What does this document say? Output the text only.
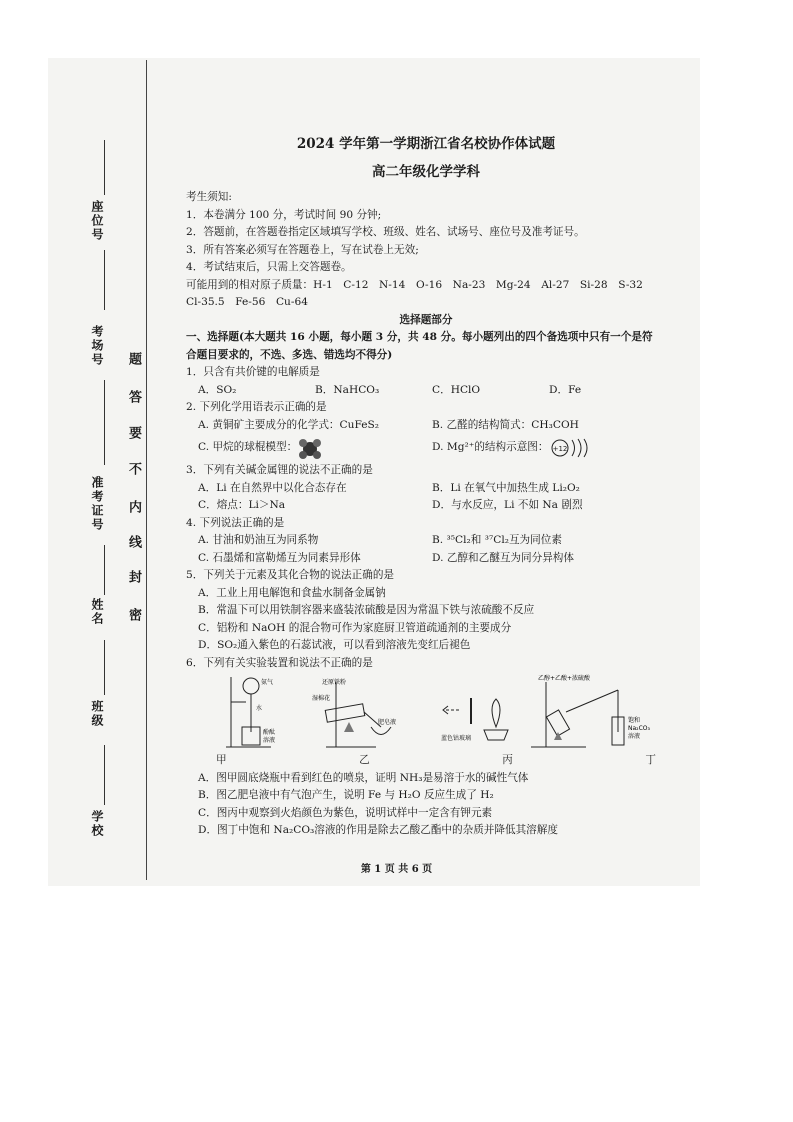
座位号
考场号
准考证号
姓名
班级
学校
题
答
要
不
内
线
封
密

2024 学年第一学期浙江省名校协作体试题

高二年级化学学科

考生须知:
1．本卷满分 100 分，考试时间 90 分钟;
2．答题前，在答题卷指定区域填写学校、班级、姓名、试场号、座位号及准考证号。
3．所有答案必须写在答题卷上，写在试卷上无效;
4．考试结束后，只需上交答题卷。
可能用到的相对原子质量：H-1　C-12　N-14　O-16　Na-23　Mg-24　Al-27　Si-28　S-32
Cl-35.5　Fe-56　Cu-64
选择题部分
一、选择题(本大题共 16 小题，每小题 3 分，共 48 分。每小题列出的四个备选项中只有一个是符
合题目要求的，不选、多选、错选均不得分)
1．只含有共价键的电解质是
A．SO₂	B．NaHCO₃	C．HClO	D．Fe
2. 下列化学用语表示正确的是
A. 黄铜矿主要成分的化学式：CuFeS₂	B. 乙醛的结构简式：CH₃COH
C. 甲烷的球棍模型：	D. Mg²⁺的结构示意图： +12
3．下列有关碱金属锂的说法不正确的是
A．Li 在自然界中以化合态存在	B．Li 在氧气中加热生成 Li₂O₂
C．熔点：Li＞Na	D．与水反应，Li 不如 Na 剧烈
4. 下列说法正确的是
A. 甘油和奶油互为同系物	B. ³⁵Cl₂和 ³⁷Cl₂互为同位素
C. 石墨烯和富勒烯互为同素异形体	D. 乙醇和乙醚互为同分异构体
5．下列关于元素及其化合物的说法正确的是
A．工业上用电解饱和食盐水制备金属钠
B．常温下可以用铁制容器来盛装浓硫酸是因为常温下铁与浓硫酸不反应
C．铝粉和 NaOH 的混合物可作为家庭厨卫管道疏通剂的主要成分
D．SO₂通入紫色的石蕊试液，可以看到溶液先变红后褪色
6．下列有关实验装置和说法不正确的是
氨气
水
酚酞
溶液
还原铁粉
湿棉花
肥皂液
蓝色钴玻璃
乙醇+乙酸+浓硫酸
饱和
Na₂CO₃
溶液
甲	乙	丙	丁
A．图甲圆底烧瓶中看到红色的喷泉，证明 NH₃是易溶于水的碱性气体
B．图乙肥皂液中有气泡产生，说明 Fe 与 H₂O 反应生成了 H₂
C．图丙中观察到火焰颜色为紫色，说明试样中一定含有钾元素
D．图丁中饱和 Na₂CO₃溶液的作用是除去乙酸乙酯中的杂质并降低其溶解度
第 1 页 共 6 页
